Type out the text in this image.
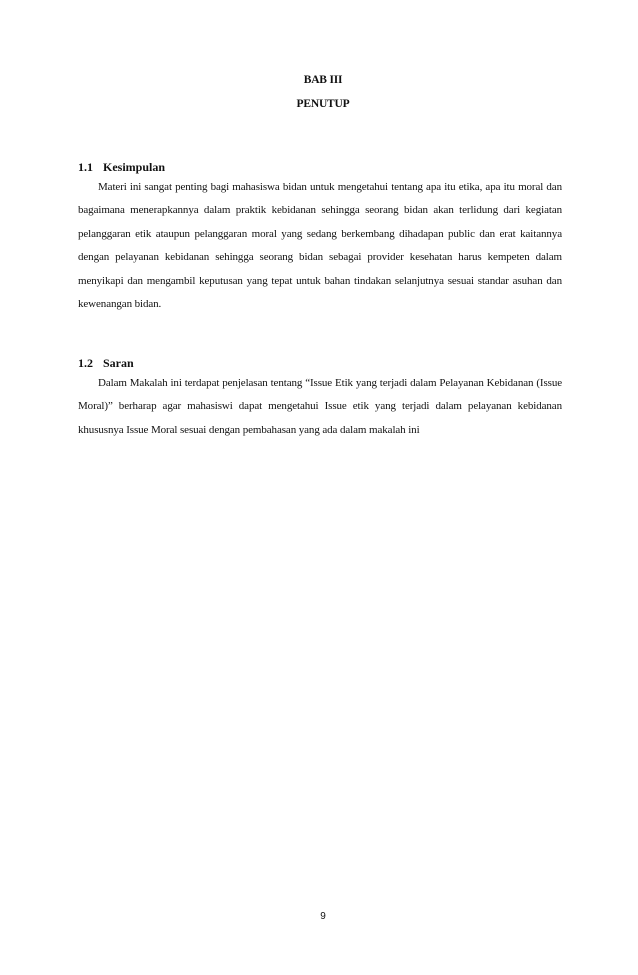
BAB III
PENUTUP
1.1 Kesimpulan

Materi ini sangat penting bagi mahasiswa bidan untuk mengetahui tentang apa itu etika, apa itu moral dan bagaimana menerapkannya dalam praktik kebidanan sehingga seorang bidan akan terlidung dari kegiatan pelanggaran etik ataupun pelanggaran moral yang sedang berkembang dihadapan public dan erat kaitannya dengan pelayanan kebidanan sehingga seorang bidan sebagai provider kesehatan harus kempeten dalam menyikapi dan mengambil keputusan yang tepat untuk bahan tindakan selanjutnya sesuai standar asuhan dan kewenangan bidan.

1.2 Saran

Dalam Makalah ini terdapat penjelasan tentang “Issue Etik yang terjadi dalam Pelayanan Kebidanan (Issue Moral)” berharap agar mahasiswi dapat mengetahui Issue etik yang terjadi dalam pelayanan kebidanan khususnya Issue Moral sesuai dengan pembahasan yang ada dalam makalah ini

9
